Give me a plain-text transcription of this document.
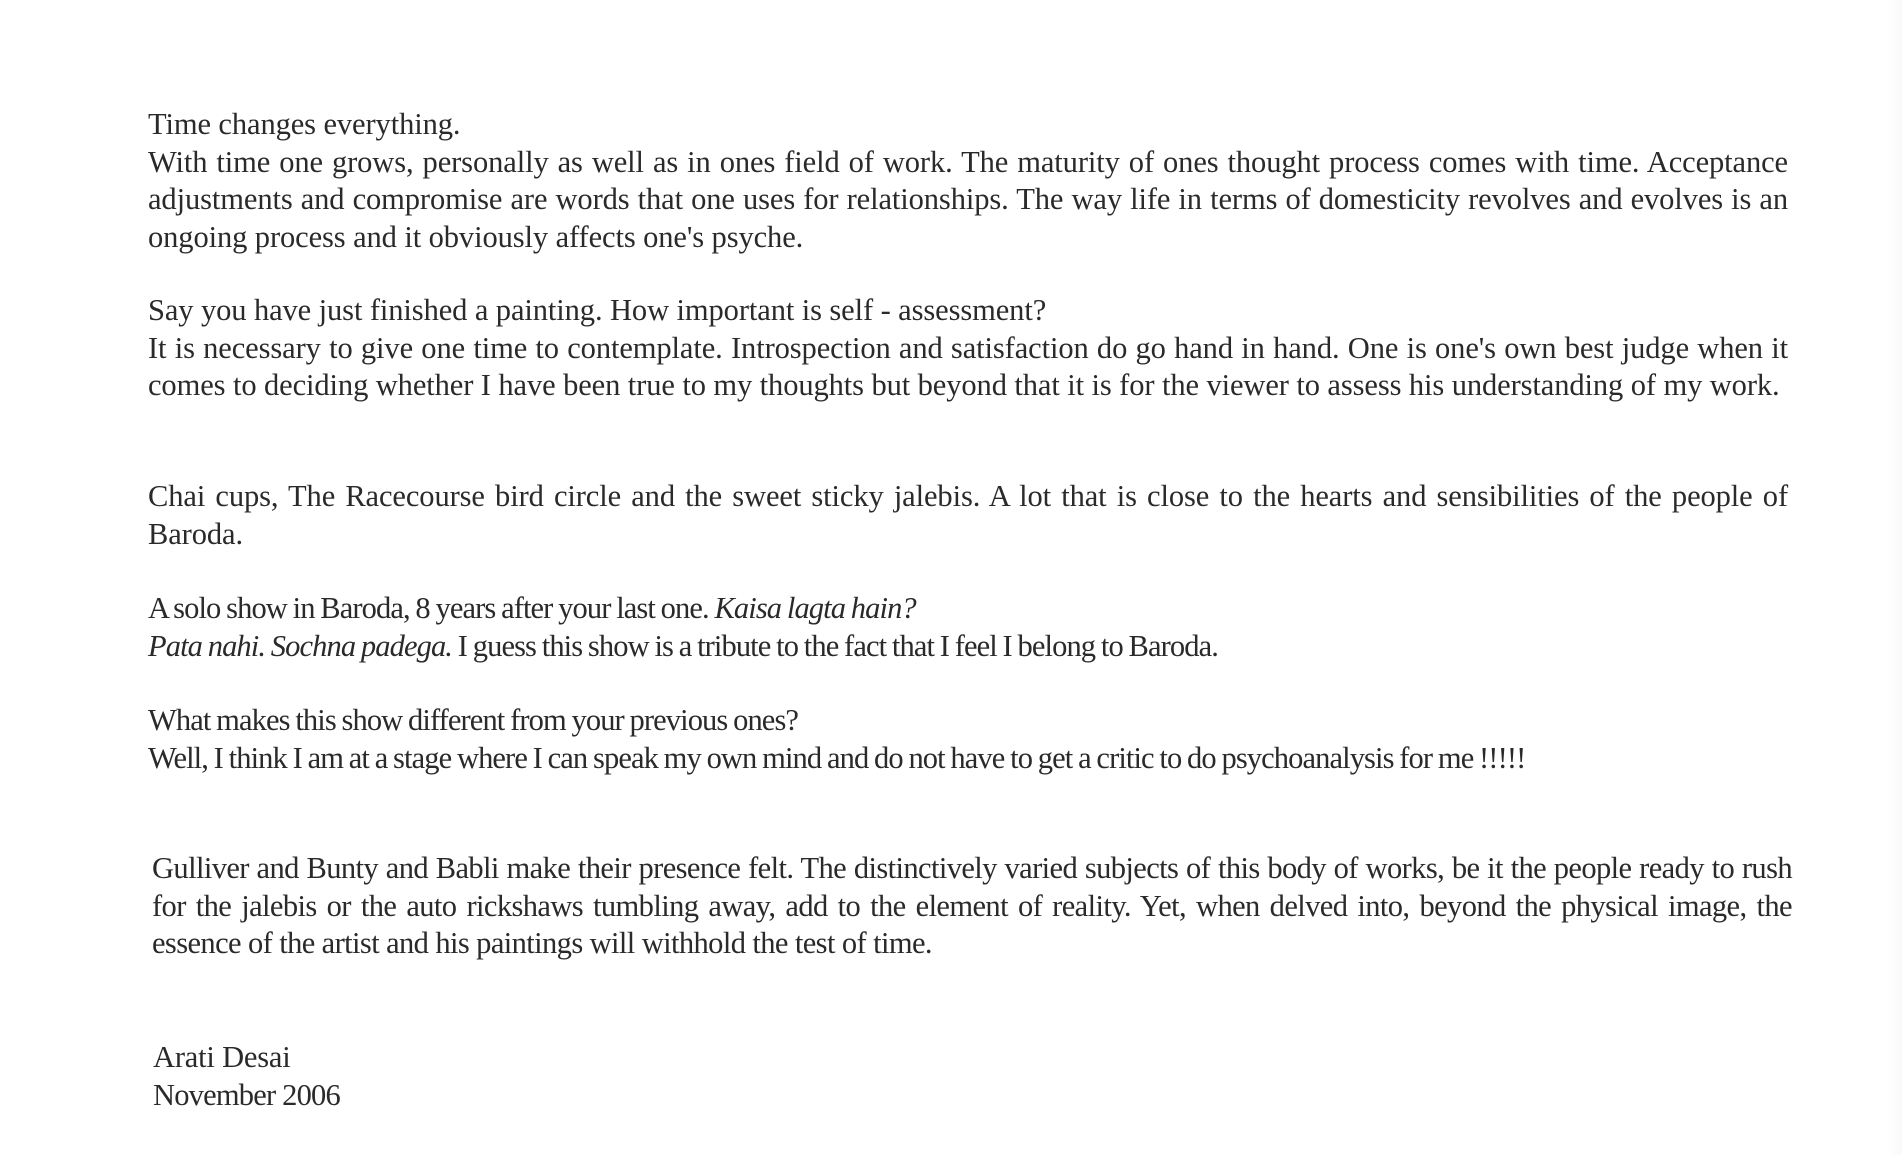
Time changes everything.

With time one grows, personally as well as in ones field of work. The maturity of ones thought process comes with time. Acceptance adjustments and compromise are words that one uses for relationships. The way life in terms of domesticity revolves and evolves is an ongoing process and it obviously affects one's psyche.

Say you have just finished a painting. How important is self - assessment?

It is necessary to give one time to contemplate. Introspection and satisfaction do go hand in hand. One is one's own best judge when it comes to deciding whether I have been true to my thoughts but beyond that it is for the viewer to assess his understanding of my work.

Chai cups, The Racecourse bird circle and the sweet sticky jalebis. A lot that is close to the hearts and sensibilities of the people of Baroda.

A solo show in Baroda, 8 years after your last one. Kaisa lagta hain?

Pata nahi. Sochna padega. I guess this show is a tribute to the fact that I feel I belong to Baroda.

What makes this show different from your previous ones?

Well, I think I am at a stage where I can speak my own mind and do not have to get a critic to do psychoanalysis for me !!!!!

Gulliver and Bunty and Babli make their presence felt. The distinctively varied subjects of this body of works, be it the people ready to rush for the jalebis or the auto rickshaws tumbling away, add to the element of reality. Yet, when delved into, beyond the physical image, the essence of the artist and his paintings will withhold the test of time.

Arati Desai
November 2006
